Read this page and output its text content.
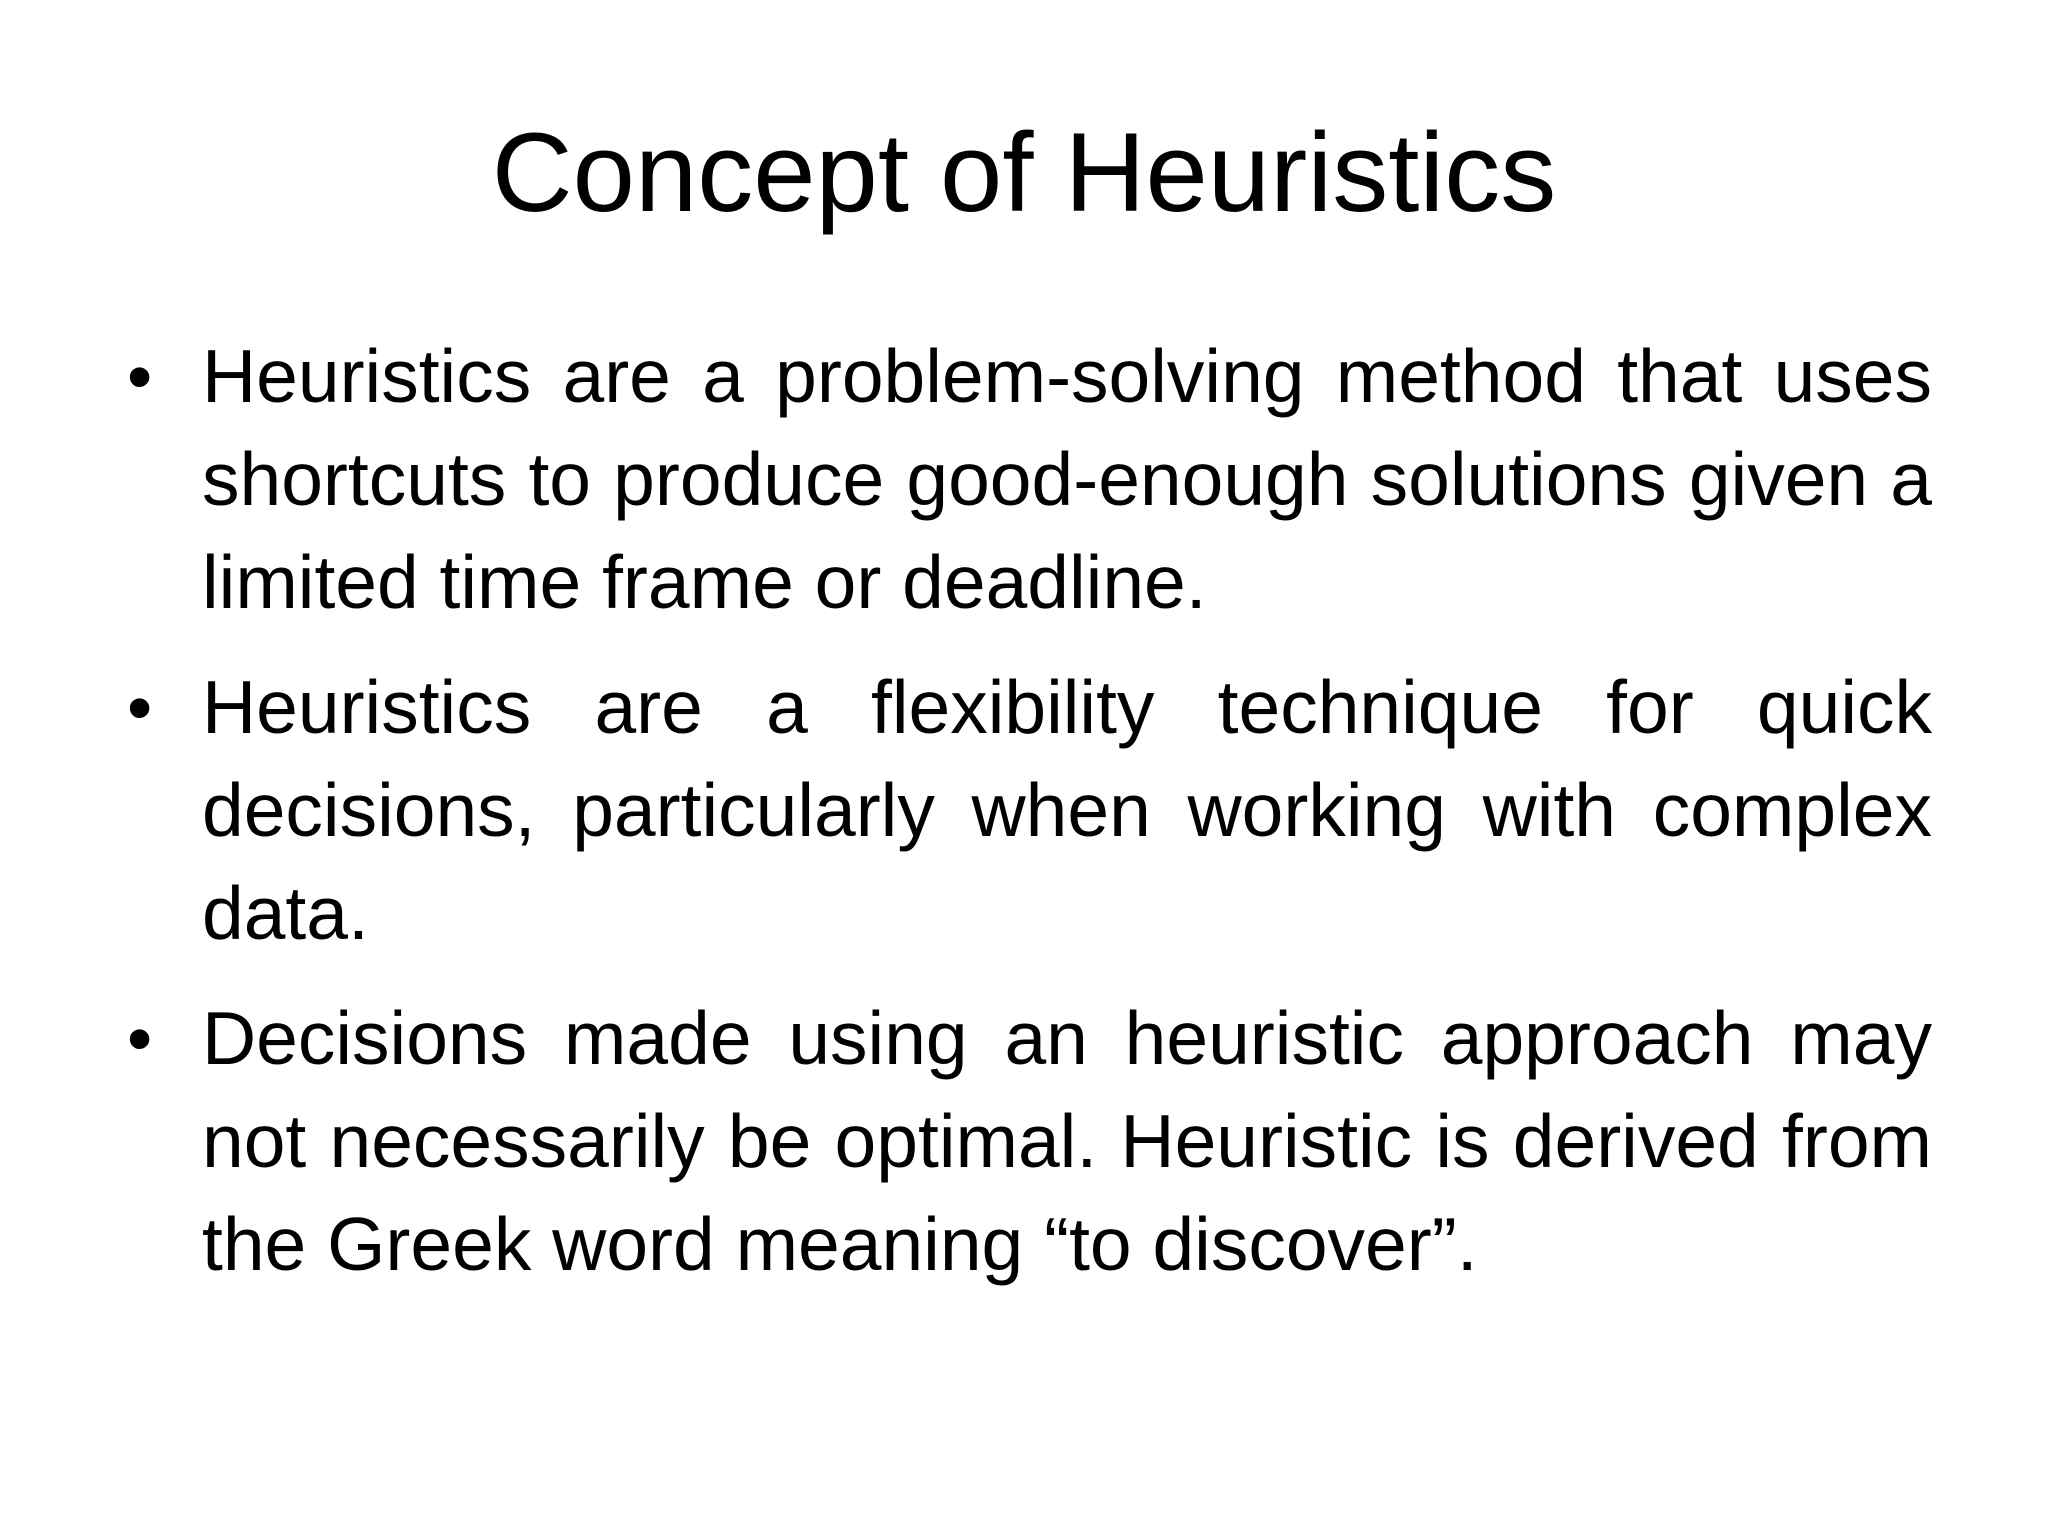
Concept of Heuristics
• Heuristics are a problem-solving method that uses shortcuts to produce good-enough solutions given a limited time frame or deadline.
• Heuristics are a flexibility technique for quick decisions, particularly when working with complex data.
• Decisions made using an heuristic approach may not necessarily be optimal. Heuristic is derived from the Greek word meaning “to discover”.
